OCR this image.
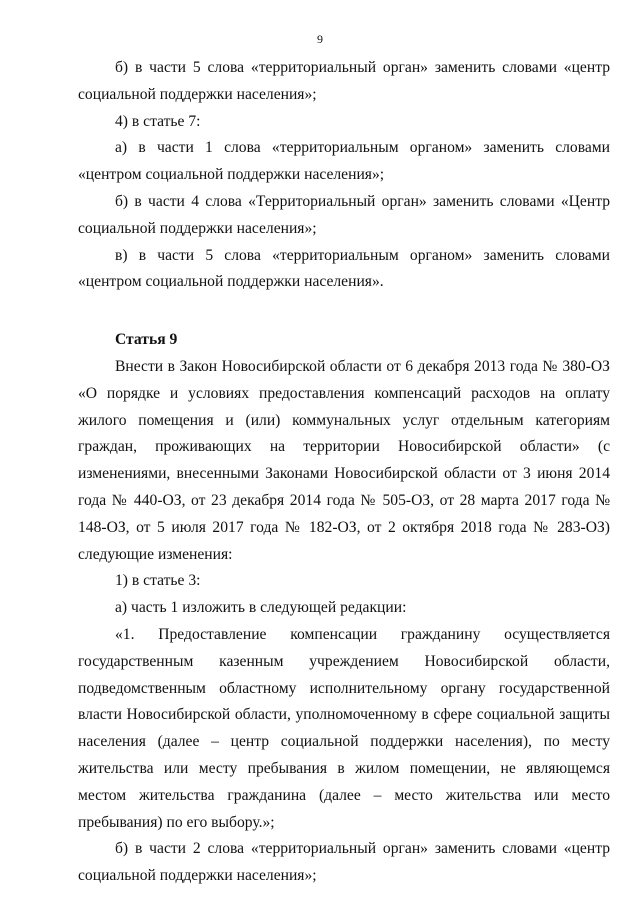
9

б) в части 5 слова «территориальный орган» заменить словами «центр социальной поддержки населения»;

4) в статье 7:

а) в части 1 слова «территориальным органом» заменить словами «центром социальной поддержки населения»;

б) в части 4 слова «Территориальный орган» заменить словами «Центр социальной поддержки населения»;

в) в части 5 слова «территориальным органом» заменить словами «центром социальной поддержки населения».

Статья 9

Внести в Закон Новосибирской области от 6 декабря 2013 года № 380-ОЗ «О порядке и условиях предоставления компенсаций расходов на оплату жилого помещения и (или) коммунальных услуг отдельным категориям граждан, проживающих на территории Новосибирской области» (с изменениями, внесенными Законами Новосибирской области от 3 июня 2014 года № 440-ОЗ, от 23 декабря 2014 года № 505-ОЗ, от 28 марта 2017 года № 148-ОЗ, от 5 июля 2017 года № 182-ОЗ, от 2 октября 2018 года № 283-ОЗ) следующие изменения:

1) в статье 3:

а) часть 1 изложить в следующей редакции:

«1. Предоставление компенсации гражданину осуществляется государственным казенным учреждением Новосибирской области, подведомственным областному исполнительному органу государственной власти Новосибирской области, уполномоченному в сфере социальной защиты населения (далее – центр социальной поддержки населения), по месту жительства или месту пребывания в жилом помещении, не являющемся местом жительства гражданина (далее – место жительства или место пребывания) по его выбору.»;

б) в части 2 слова «территориальный орган» заменить словами «центр социальной поддержки населения»;
